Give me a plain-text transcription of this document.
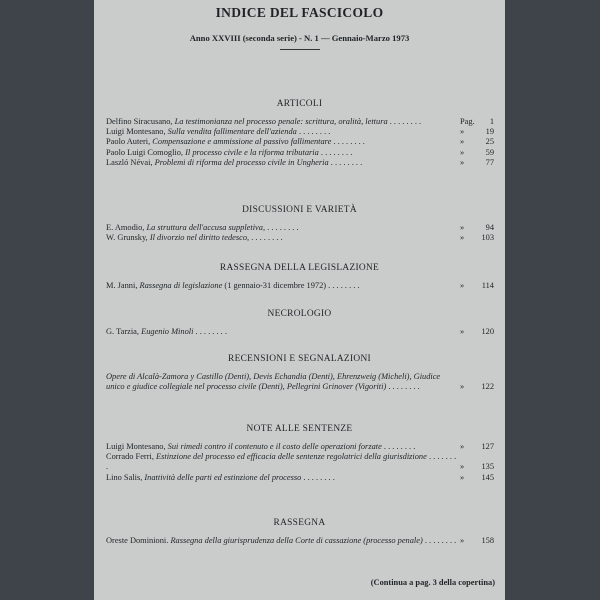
INDICE DEL FASCICOLO
Anno XXVIII (seconda serie) - N. 1 — Gennaio-Marzo 1973
ARTICOLI
Delfino Siracusano, La testimonianza nel processo penale: scrittura, oralità, lettura . . . . . . . .	Pag. 1
Luigi Montesano, Sulla vendita fallimentare dell'azienda . . . . . . . .	»	19
Paolo Auteri, Compensazione e ammissione al passivo fallimentare . . . . . . . .	»	25
Paolo Luigi Comoglio, Il processo civile e la riforma tributaria . . . . . . . .	»	59
Laszló Névai, Problemi di riforma del processo civile in Ungheria . . . . . . . .	»	77
DISCUSSIONI E VARIETÀ
E. Amodio, La struttura dell'accusa suppletiva, . . . . . . . .	»	94
W. Grunsky, Il divorzio nel diritto tedesco, . . . . . . . .	» 103
RASSEGNA DELLA LEGISLAZIONE
M. Janni, Rassegna di legislazione (1 gennaio-31 dicembre 1972) . . . . . . . .	» 114
NECROLOGIO
G. Tarzia, Eugenio Minoli . . . . . . . .	» 120
RECENSIONI E SEGNALAZIONI
Opere di Alcalà-Zamora y Castillo (Denti), Devis Echandia (Denti), Ehrenzweig (Micheli), Giudice unico e giudice collegiale nel processo civile (Denti), Pellegrini Grinover (Vigoriti) . . . . . . . .	» 122
NOTE ALLE SENTENZE
Luigi Montesano, Sui rimedi contro il contenuto e il costo delle operazioni forzate . . . . . . . .	» 127
Corrado Ferri, Estinzione del processo ed efficacia delle sentenze regolatrici della giurisdizione . . . . . . . .	» 135
Lino Salis, Inattività delle parti ed estinzione del processo . . . . . . . .	» 145
RASSEGNA
Oreste Dominioni. Rassegna della giurisprudenza della Corte di cassazione (processo penale) . . . . . . . . » 158
(Continua a pag. 3 della copertina)
